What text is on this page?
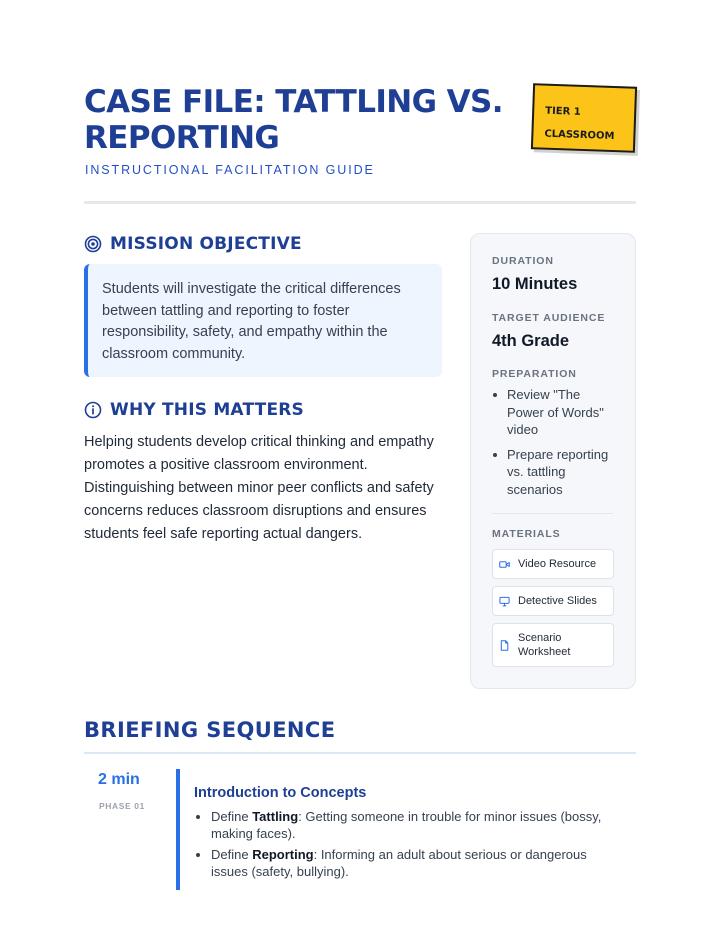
CASE FILE: TATTLING VS.
REPORTING
INSTRUCTIONAL FACILITATION GUIDE
TIER 1
CLASSROOM
MISSION OBJECTIVE

Students will investigate the critical differences between tattling and reporting to foster responsibility, safety, and empathy within the classroom community.

WHY THIS MATTERS

Helping students develop critical thinking and empathy promotes a positive classroom environment. Distinguishing between minor peer conflicts and safety concerns reduces classroom disruptions and ensures students feel safe reporting actual dangers.

DURATION
10 Minutes
TARGET AUDIENCE
4th Grade
PREPARATION
Review "The Power of Words" video
Prepare reporting vs. tattling scenarios
MATERIALS
Video Resource
Detective Slides
Scenario Worksheet
BRIEFING SEQUENCE
2 min
PHASE 01
Introduction to Concepts
Define Tattling: Getting someone in trouble for minor issues (bossy, making faces).
Define Reporting: Informing an adult about serious or dangerous issues (safety, bullying).
